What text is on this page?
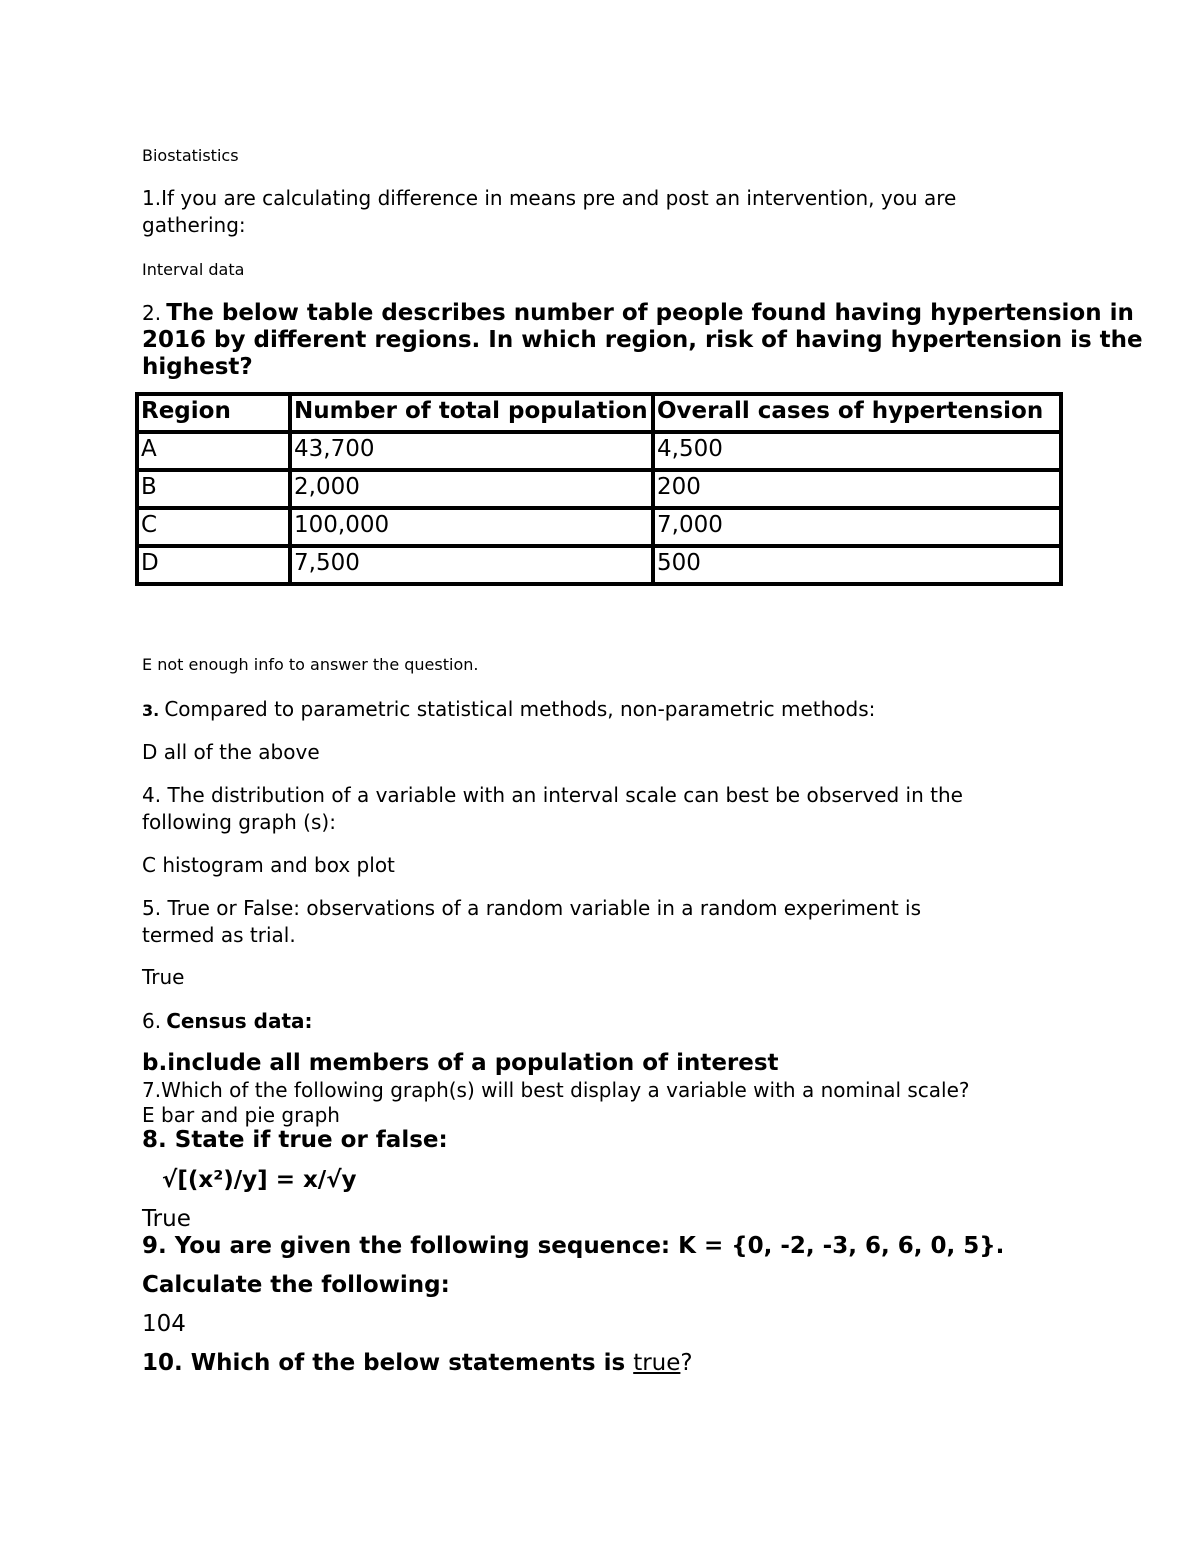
Biostatistics
1.If you are calculating difference in means pre and post an intervention, you are
gathering:
Interval data
2. The below table describes number of people found having hypertension in
2016 by different regions. In which region, risk of having hypertension is the
highest?
Region	Number of total population	Overall cases of hypertension
A	43,700	4,500
B	2,000	200
C	100,000	7,000
D	7,500	500
E not enough info to answer the question.
3. Compared to parametric statistical methods, non-parametric methods:
D all of the above
4. The distribution of a variable with an interval scale can best be observed in the
following graph (s):
C histogram and box plot
5. True or False: observations of a random variable in a random experiment is
termed as trial.
True
6. Census data:
b.include all members of a population of interest
7.Which of the following graph(s) will best display a variable with a nominal scale?
E bar and pie graph
8. State if true or false:
√[(x²)/y] = x/√y
True
9. You are given the following sequence: K = {0, -2, -3, 6, 6, 0, 5}.
Calculate the following:
104
10. Which of the below statements is true?
